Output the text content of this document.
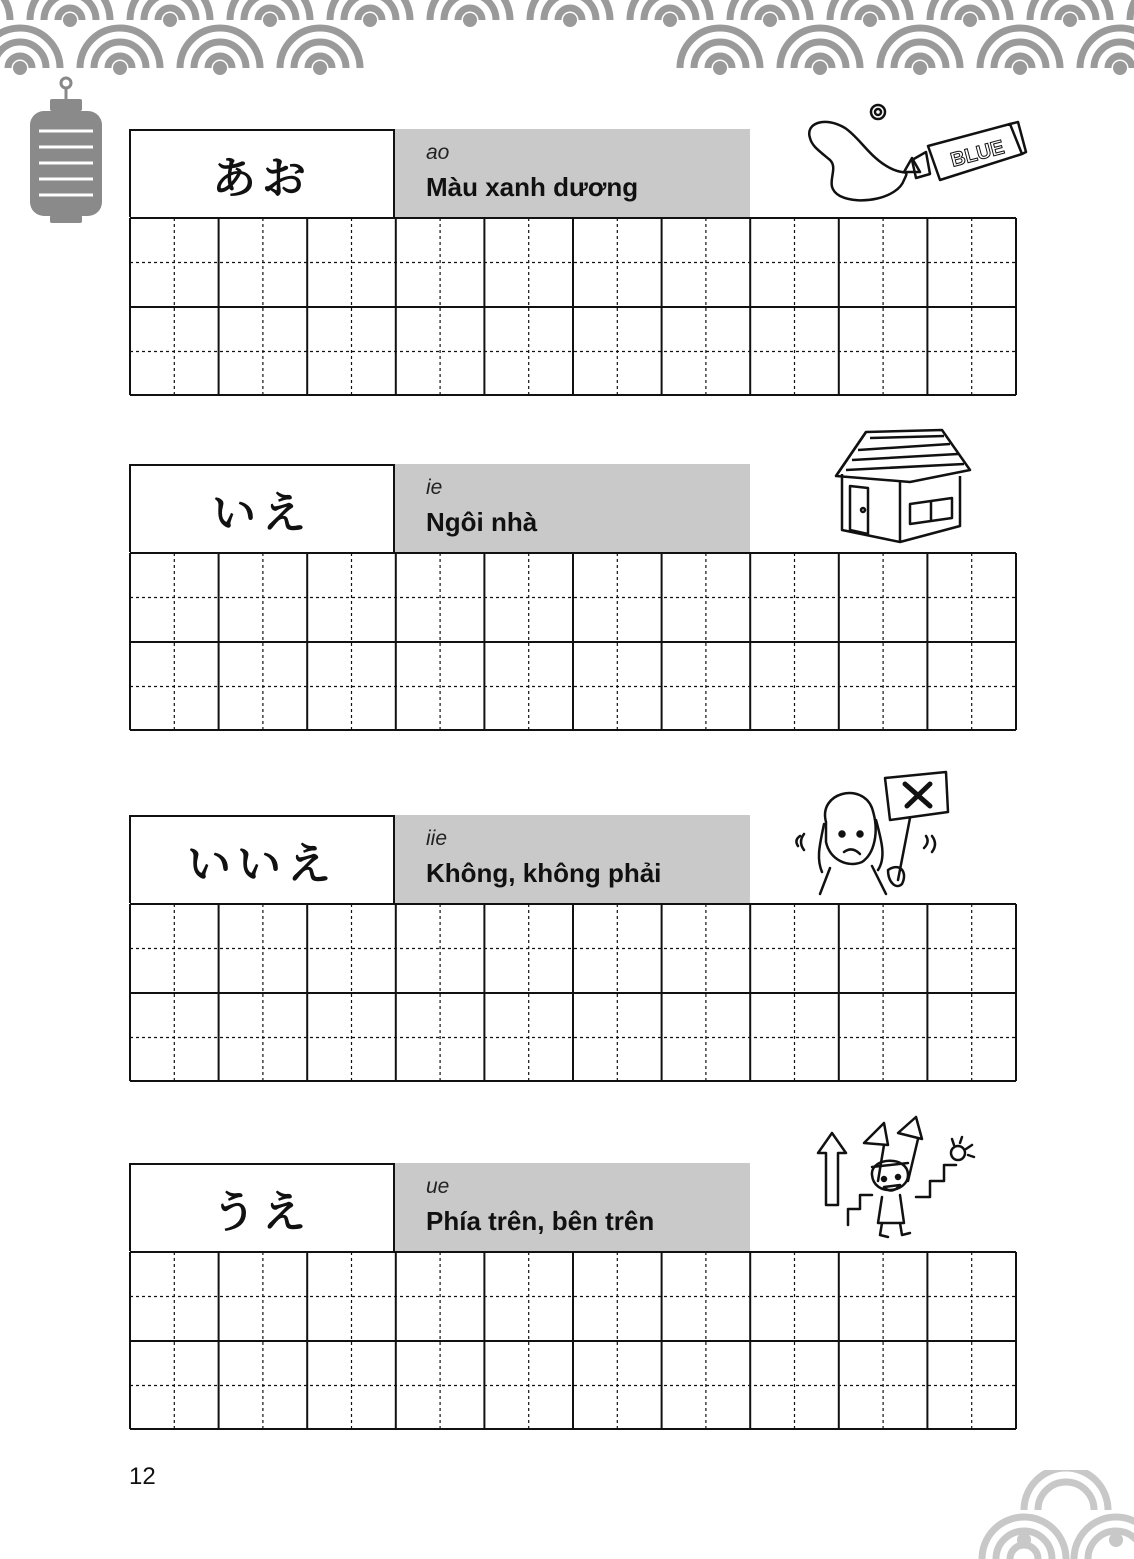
あお
ao
Màu xanh dương
BLUE
いえ
ie
Ngôi nhà
いいえ
iie
Không, không phải
うえ
ue
Phía trên, bên trên
12
